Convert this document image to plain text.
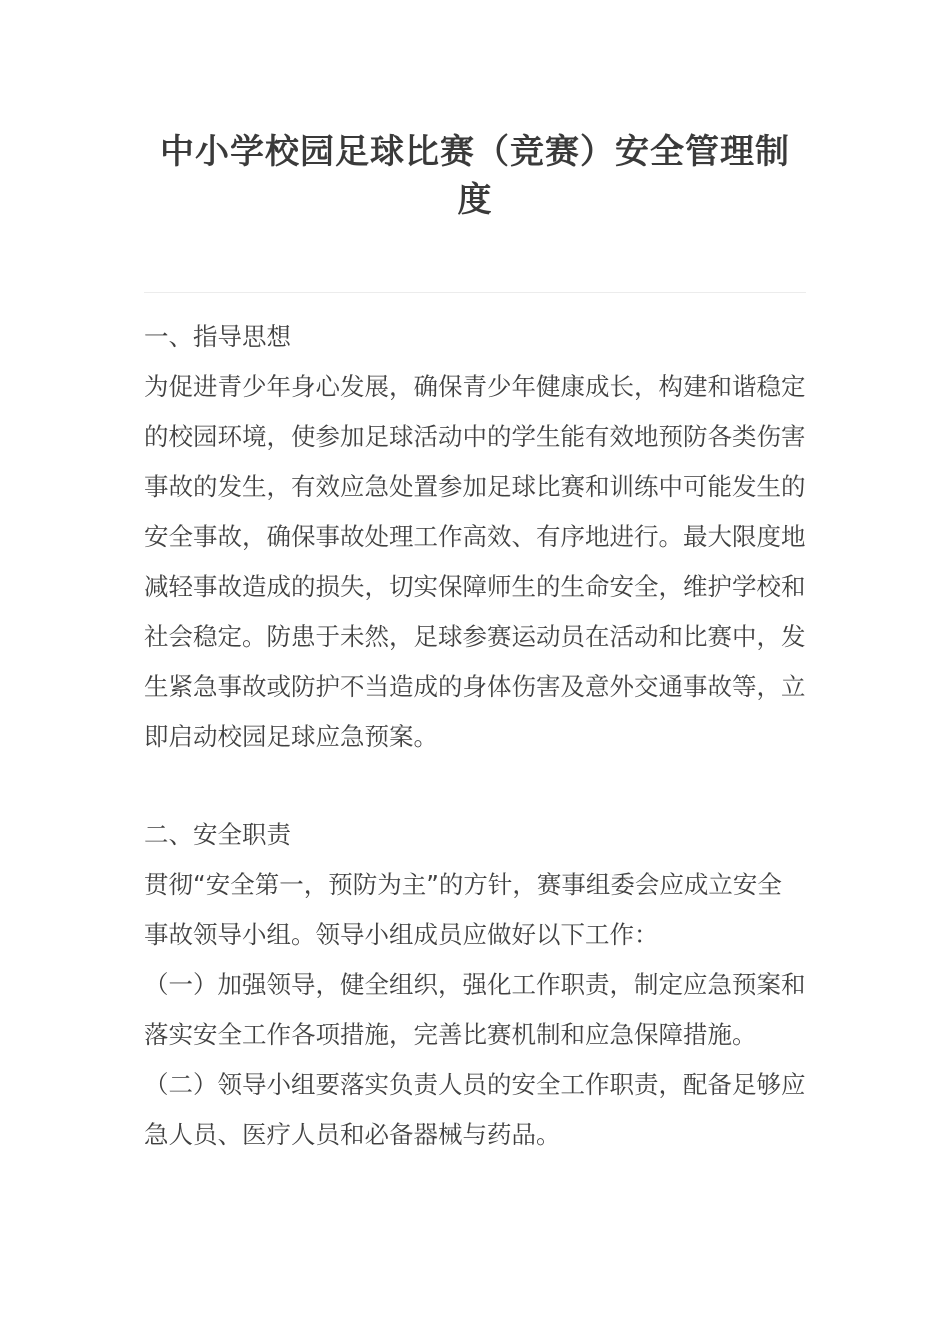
中小学校园足球比赛（竞赛）安全管理制度

一、指导思想

为促进青少年身心发展，确保青少年健康成长，构建和谐稳定的校园环境，使参加足球活动中的学生能有效地预防各类伤害事故的发生，有效应急处置参加足球比赛和训练中可能发生的安全事故，确保事故处理工作高效、有序地进行。最大限度地减轻事故造成的损失，切实保障师生的生命安全，维护学校和社会稳定。防患于未然，足球参赛运动员在活动和比赛中，发生紧急事故或防护不当造成的身体伤害及意外交通事故等，立即启动校园足球应急预案。

二、安全职责

贯彻“安全第一，预防为主”的方针，赛事组委会应成立安全事故领导小组。领导小组成员应做好以下工作：

（一）加强领导，健全组织，强化工作职责，制定应急预案和落实安全工作各项措施，完善比赛机制和应急保障措施。

（二）领导小组要落实负责人员的安全工作职责，配备足够应急人员、医疗人员和必备器械与药品。
